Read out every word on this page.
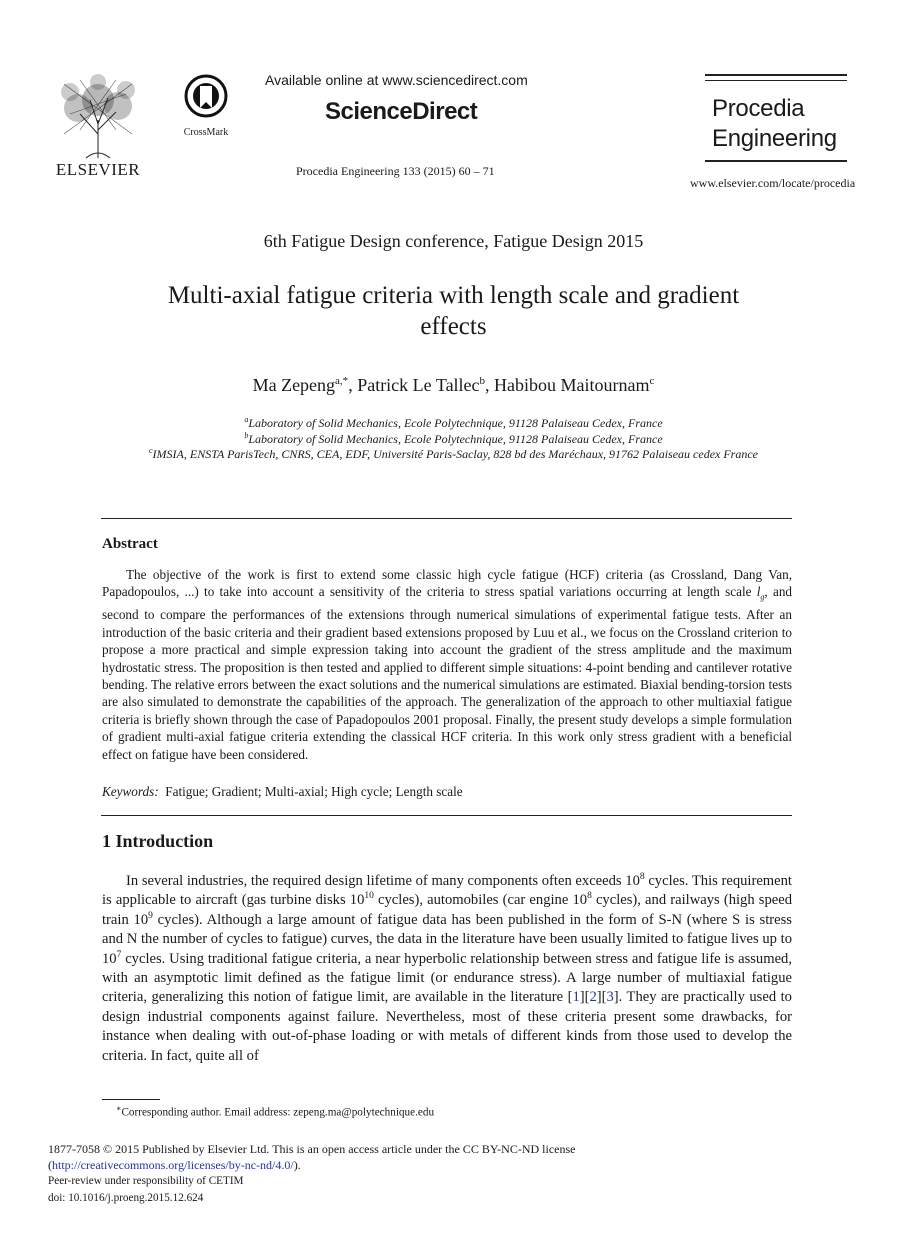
ELSEVIER
CrossMark
Available online at www.sciencedirect.com
ScienceDirect
Procedia Engineering 133 (2015) 60 – 71
Procedia
Engineering
www.elsevier.com/locate/procedia
6th Fatigue Design conference, Fatigue Design 2015
Multi-axial fatigue criteria with length scale and gradient
effects
Ma Zepeng$^{a,*}$, Patrick Le Tallec$^b$, Habibou Maitournam$^c$
$^a$Laboratory of Solid Mechanics, Ecole Polytechnique, 91128 Palaiseau Cedex, France
$^b$Laboratory of Solid Mechanics, Ecole Polytechnique, 91128 Palaiseau Cedex, France
$^c$IMSIA, ENSTA ParisTech, CNRS, CEA, EDF, Université Paris-Saclay, 828 bd des Maréchaux, 91762 Palaiseau cedex France
Abstract
The objective of the work is first to extend some classic high cycle fatigue (HCF) criteria (as Crossland, Dang Van, Papadopoulos, ...) to take into account a sensitivity of the criteria to stress spatial variations occurring at length scale $l_g$, and second to compare the performances of the extensions through numerical simulations of experimental fatigue tests. After an introduction of the basic criteria and their gradient based extensions proposed by Luu et al., we focus on the Crossland criterion to propose a more practical and simple expression taking into account the gradient of the stress amplitude and the maximum hydrostatic stress. The proposition is then tested and applied to different simple situations: 4-point bending and cantilever rotative bending. The relative errors between the exact solutions and the numerical simulations are estimated. Biaxial bending-torsion tests are also simulated to demonstrate the capabilities of the approach. The generalization of the approach to other multiaxial fatigue criteria is briefly shown through the case of Papadopoulos 2001 proposal. Finally, the present study develops a simple formulation of gradient multi-axial fatigue criteria extending the classical HCF criteria. In this work only stress gradient with a beneficial effect on fatigue have been considered.
Keywords: Fatigue; Gradient; Multi-axial; High cycle; Length scale
1 Introduction
In several industries, the required design lifetime of many components often exceeds $10^8$ cycles. This requirement is applicable to aircraft (gas turbine disks $10^{10}$ cycles), automobiles (car engine $10^8$ cycles), and railways (high speed train $10^9$ cycles). Although a large amount of fatigue data has been published in the form of S-N (where S is stress and N the number of cycles to fatigue) curves, the data in the literature have been usually limited to fatigue lives up to $10^7$ cycles. Using traditional fatigue criteria, a near hyperbolic relationship between stress and fatigue life is assumed, with an asymptotic limit defined as the fatigue limit (or endurance stress). A large number of multiaxial fatigue criteria, generalizing this notion of fatigue limit, are available in the literature [1][2][3]. They are practically used to design industrial components against failure. Nevertheless, most of these criteria present some drawbacks, for instance when dealing with out-of-phase loading or with metals of different kinds from those used to develop the criteria. In fact, quite all of
∗Corresponding author. Email address: zepeng.ma@polytechnique.edu
1877-7058 © 2015 Published by Elsevier Ltd. This is an open access article under the CC BY-NC-ND license
(http://creativecommons.org/licenses/by-nc-nd/4.0/).
Peer-review under responsibility of CETIM
doi: 10.1016/j.proeng.2015.12.624
